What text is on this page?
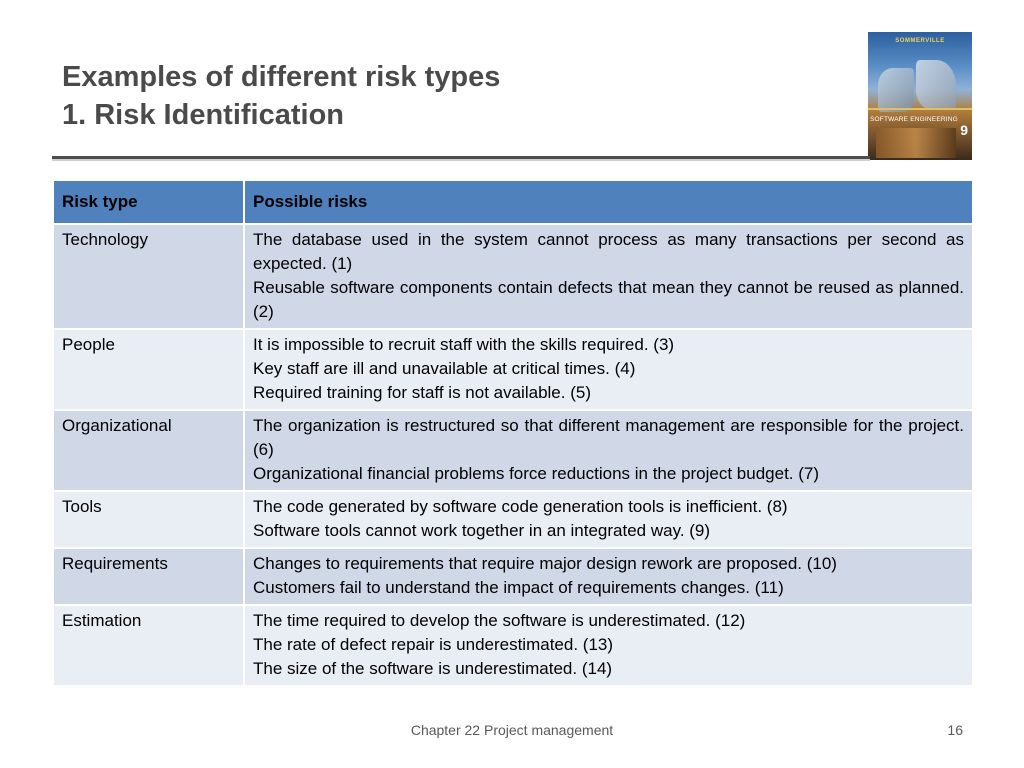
Examples of different risk types
1. Risk Identification
SOMMERVILLE
SOFTWARE ENGINEERING
9
Risk type	Possible risks
Technology	The database used in the system cannot process as many transactions per second as expected. (1)
Reusable software components contain defects that mean they cannot be reused as planned. (2)

People	It is impossible to recruit staff with the skills required. (3)
Key staff are ill and unavailable at critical times. (4)
Required training for staff is not available. (5)

Organizational	The organization is restructured so that different management are responsible for the project. (6)
Organizational financial problems force reductions in the project budget. (7)

Tools	The code generated by software code generation tools is inefficient. (8)
Software tools cannot work together in an integrated way. (9)

Requirements	Changes to requirements that require major design rework are proposed. (10)
Customers fail to understand the impact of requirements changes. (11)

Estimation	The time required to develop the software is underestimated. (12)
The rate of defect repair is underestimated. (13)
The size of the software is underestimated. (14)
Chapter 22 Project management	16
